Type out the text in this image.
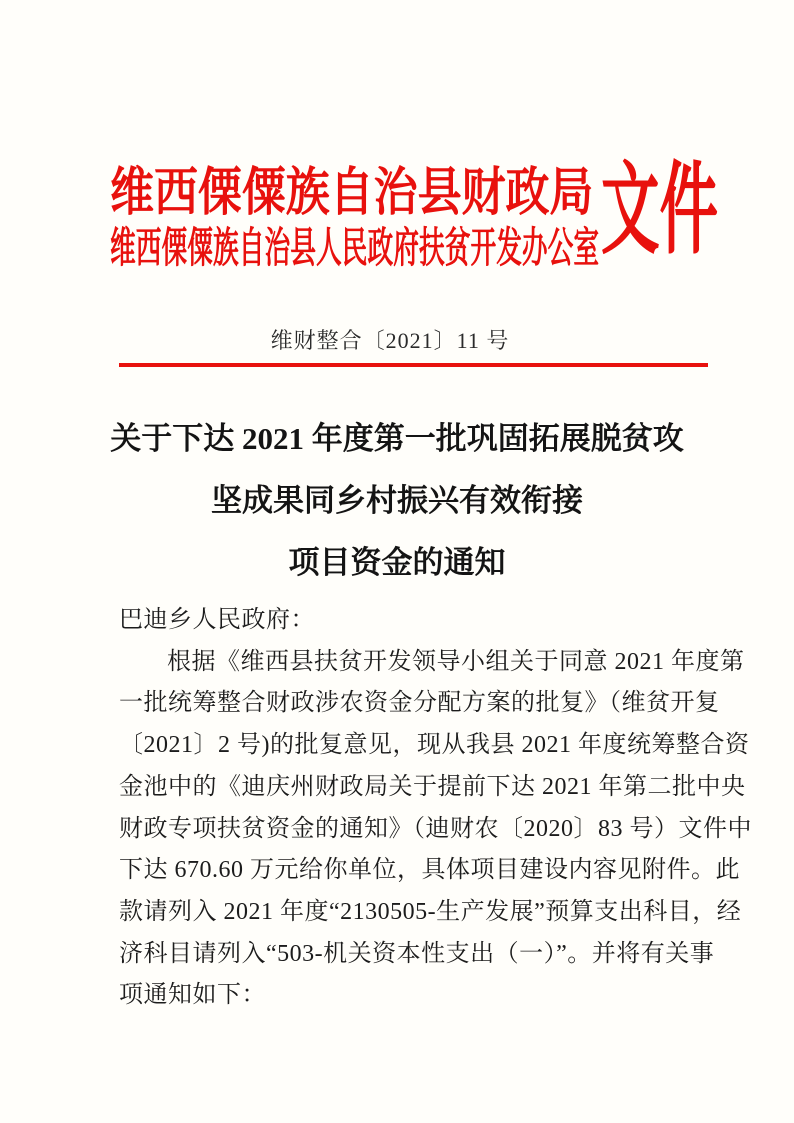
维西傈僳族自治县财政局
维西傈僳族自治县人民政府扶贫开发办公室 文件
维财整合〔2021〕11 号
关于下达 2021 年度第一批巩固拓展脱贫攻
坚成果同乡村振兴有效衔接
项目资金的通知
巴迪乡人民政府：
根据《维西县扶贫开发领导小组关于同意 2021 年度第
一批统筹整合财政涉农资金分配方案的批复》（维贫开复
〔2021〕2 号)的批复意见，现从我县 2021 年度统筹整合资
金池中的《迪庆州财政局关于提前下达 2021 年第二批中央
财政专项扶贫资金的通知》（迪财农〔2020〕83 号）文件中
下达 670.60 万元给你单位，具体项目建设内容见附件。此
款请列入 2021 年度“2130505-生产发展”预算支出科目，经
济科目请列入“503-机关资本性支出（一）”。并将有关事
项通知如下：
